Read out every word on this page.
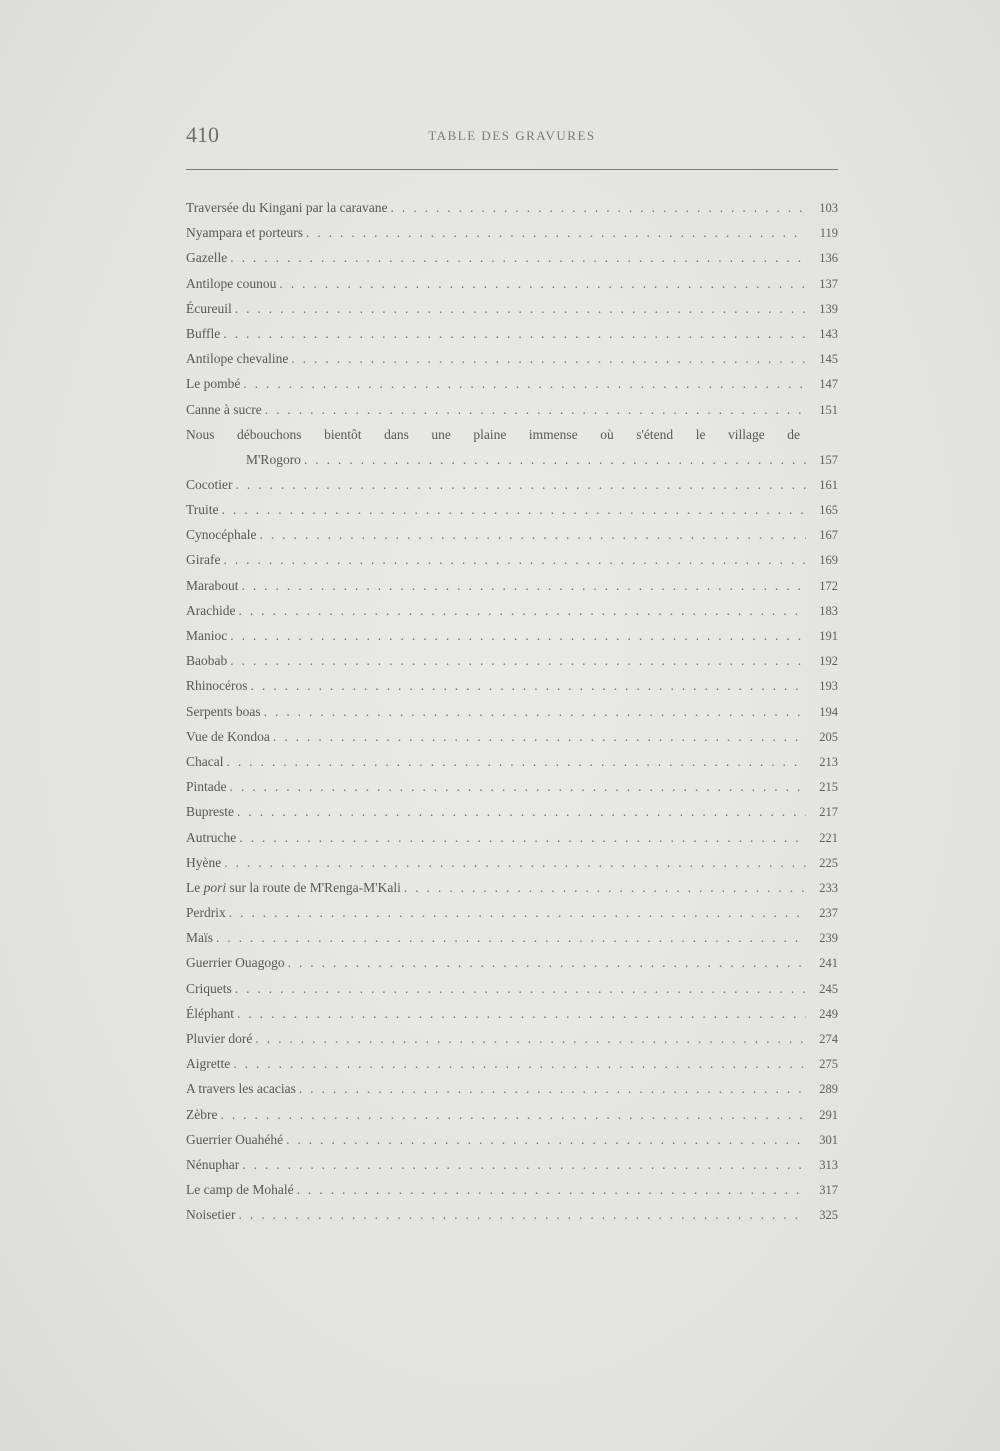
410	TABLE DES GRAVURES
Traversée du Kingani par la caravane . . .	103
Nyampara et porteurs . . .	119
Gazelle . . .	136
Antilope counou . . .	137
Écureuil . . .	139
Buffle . . .	143
Antilope chevaline . . .	145
Le pombé . . .	147
Canne à sucre . . .	151
Nous débouchons bientôt dans une plaine immense où s'étend le village de
M'Rogoro . . .	157
Cocotier . . .	161
Truite . . .	165
Cynocéphale . . .	167
Girafe . . .	169
Marabout . . .	172
Arachide . . .	183
Manioc . . .	191
Baobab . . .	192
Rhinocéros . . .	193
Serpents boas . . .	194
Vue de Kondoa . . .	205
Chacal . . .	213
Pintade . . .	215
Bupreste . . .	217
Autruche . . .	221
Hyène . . .	225
Le pori sur la route de M'Renga-M'Kali . . .	233
Perdrix . . .	237
Maïs . . .	239
Guerrier Ouagogo . . .	241
Criquets . . .	245
Éléphant . . .	249
Pluvier doré . . .	274
Aigrette . . .	275
A travers les acacias . . .	289
Zèbre . . .	291
Guerrier Ouahéhé . . .	301
Nénuphar . . .	313
Le camp de Mohalé . . .	317
Noisetier . . .	325
